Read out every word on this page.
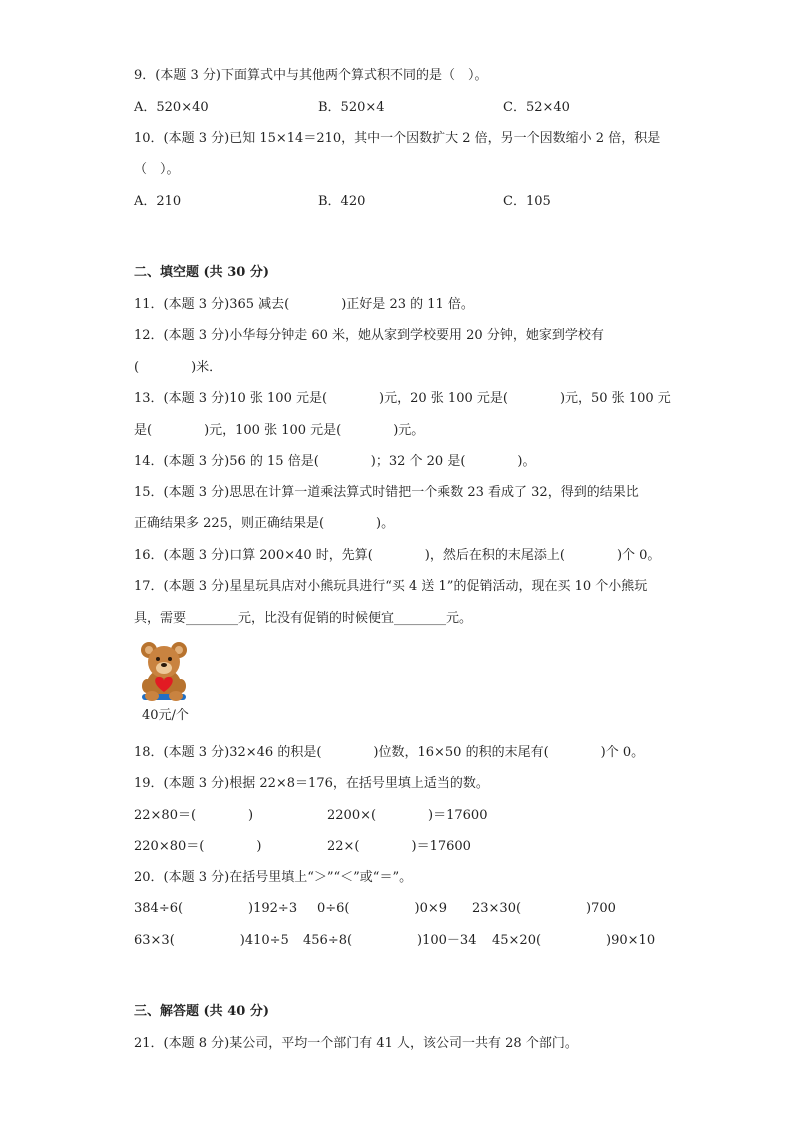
9．(本题 3 分)下面算式中与其他两个算式积不同的是（　）。
A．520×40	B．520×4	C．52×40
10．(本题 3 分)已知 15×14＝210，其中一个因数扩大 2 倍，另一个因数缩小 2 倍，积是
（　）。
A．210	B．420	C．105
二、填空题 (共 30 分)
11．(本题 3 分)365 减去(　　　　)正好是 23 的 11 倍。
12．(本题 3 分)小华每分钟走 60 米，她从家到学校要用 20 分钟，她家到学校有
(　　　　)米．
13．(本题 3 分)10 张 100 元是(　　　　)元，20 张 100 元是(　　　　)元，50 张 100 元
是(　　　　)元，100 张 100 元是(　　　　)元。
14．(本题 3 分)56 的 15 倍是(　　　　)；32 个 20 是(　　　　)。
15．(本题 3 分)思思在计算一道乘法算式时错把一个乘数 23 看成了 32，得到的结果比
正确结果多 225，则正确结果是(　　　　)。
16．(本题 3 分)口算 200×40 时，先算(　　　　)，然后在积的末尾添上(　　　　)个 0。
17．(本题 3 分)星星玩具店对小熊玩具进行“买 4 送 1”的促销活动，现在买 10 个小熊玩
具，需要________元，比没有促销的时候便宜________元。
40元/个
18．(本题 3 分)32×46 的积是(　　　　)位数，16×50 的积的末尾有(　　　　)个 0。
19．(本题 3 分)根据 22×8＝176，在括号里填上适当的数。
22×80＝(　　　　)	2200×(　　　　)＝17600
220×80＝(　　　　)	22×(　　　　)＝17600
20．(本题 3 分)在括号里填上“＞”“＜”或“＝”。
384÷6(　　　　　)192÷3 0÷6(　　　　　)0×9 23×30(　　　　　)700
63×3(　　　　　)410÷5 456÷8(　　　　　)100－34 45×20(　　　　　)90×10
三、解答题 (共 40 分)
21．(本题 8 分)某公司，平均一个部门有 41 人，该公司一共有 28 个部门。
